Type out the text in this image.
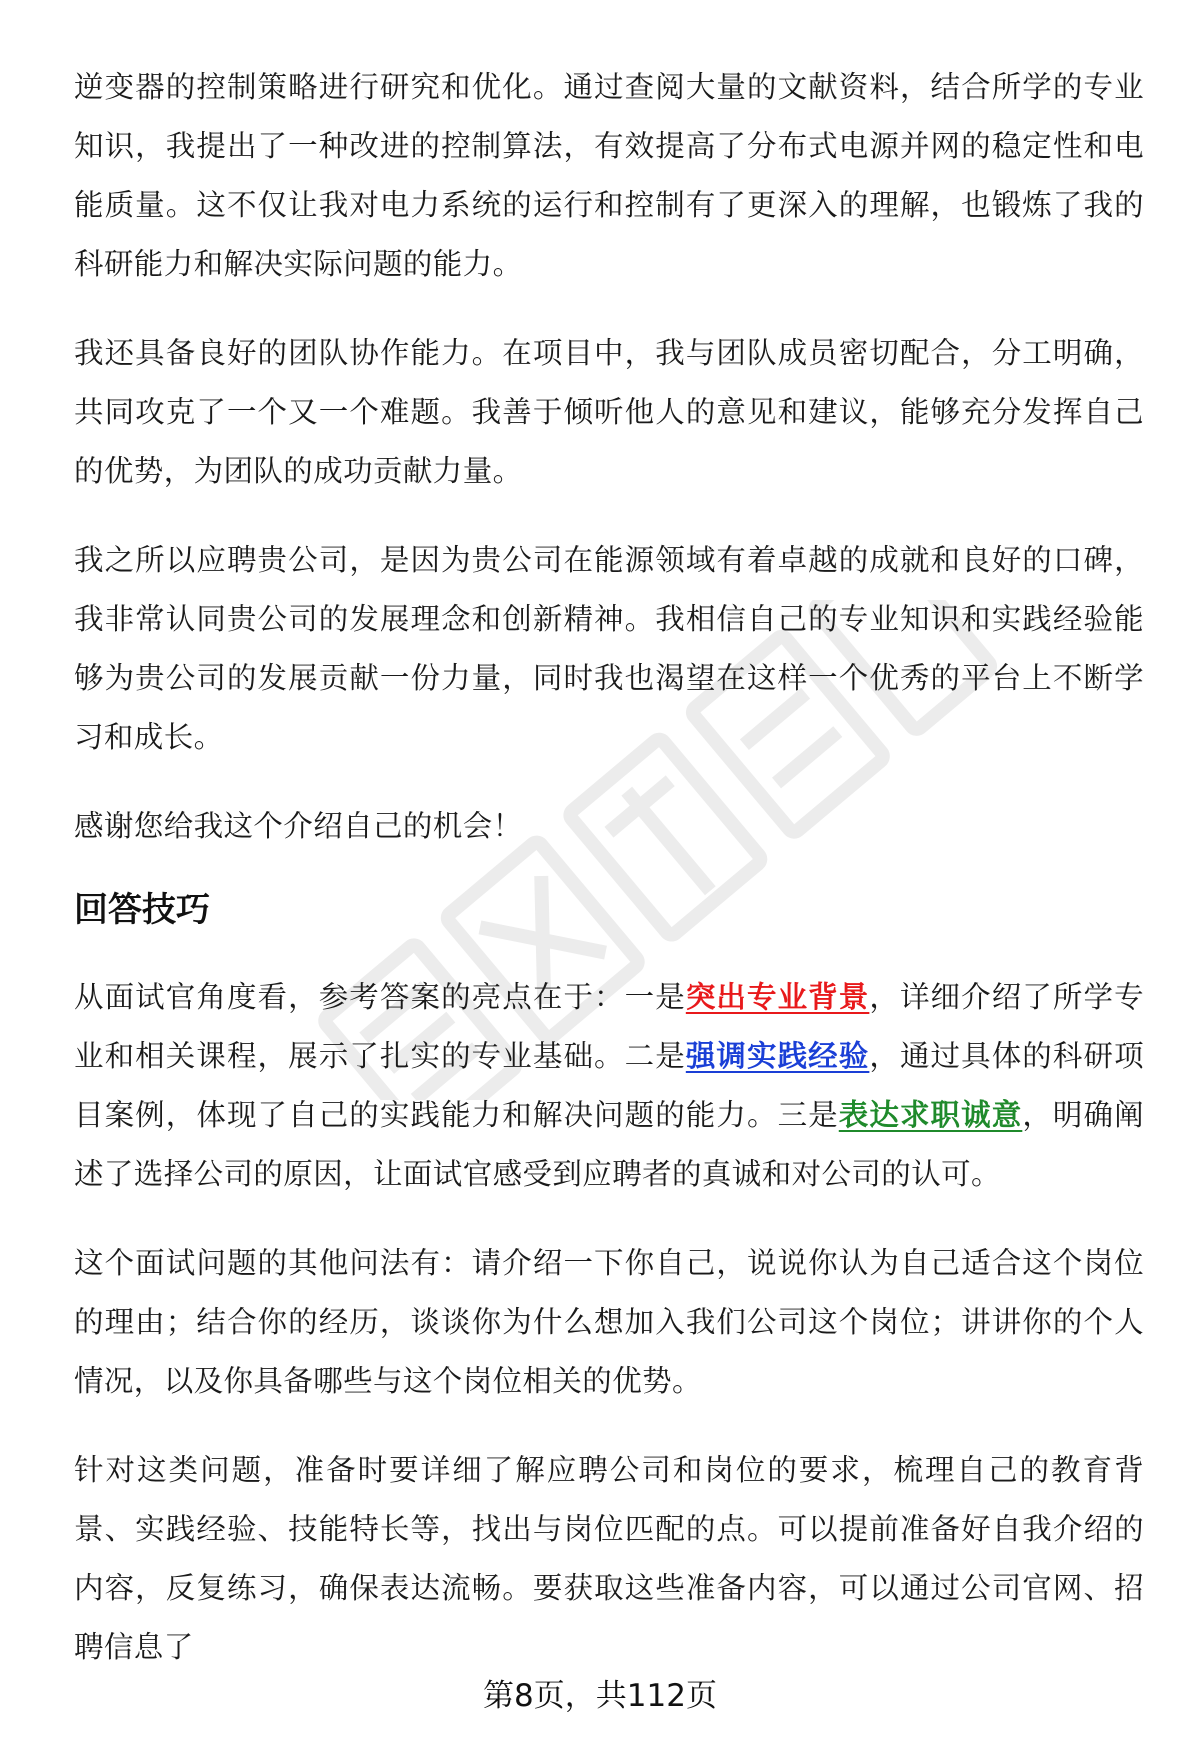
逆变器的控制策略进行研究和优化。通过查阅大量的文献资料，结合所学的专业知识，我提出了一种改进的控制算法，有效提高了分布式电源并网的稳定性和电能质量。这不仅让我对电力系统的运行和控制有了更深入的理解，也锻炼了我的科研能力和解决实际问题的能力。

我还具备良好的团队协作能力。在项目中，我与团队成员密切配合，分工明确，共同攻克了一个又一个难题。我善于倾听他人的意见和建议，能够充分发挥自己的优势，为团队的成功贡献力量。

我之所以应聘贵公司，是因为贵公司在能源领域有着卓越的成就和良好的口碑，我非常认同贵公司的发展理念和创新精神。我相信自己的专业知识和实践经验能够为贵公司的发展贡献一份力量，同时我也渴望在这样一个优秀的平台上不断学习和成长。

感谢您给我这个介绍自己的机会！

回答技巧

从面试官角度看，参考答案的亮点在于：一是突出专业背景，详细介绍了所学专业和相关课程，展示了扎实的专业基础。二是强调实践经验，通过具体的科研项目案例，体现了自己的实践能力和解决问题的能力。三是表达求职诚意，明确阐述了选择公司的原因，让面试官感受到应聘者的真诚和对公司的认可。

这个面试问题的其他问法有：请介绍一下你自己，说说你认为自己适合这个岗位的理由；结合你的经历，谈谈你为什么想加入我们公司这个岗位；讲讲你的个人情况，以及你具备哪些与这个岗位相关的优势。

针对这类问题，准备时要详细了解应聘公司和岗位的要求，梳理自己的教育背景、实践经验、技能特长等，找出与岗位匹配的点。可以提前准备好自我介绍的内容，反复练习，确保表达流畅。要获取这些准备内容，可以通过公司官网、招聘信息了

第8页，共112页
